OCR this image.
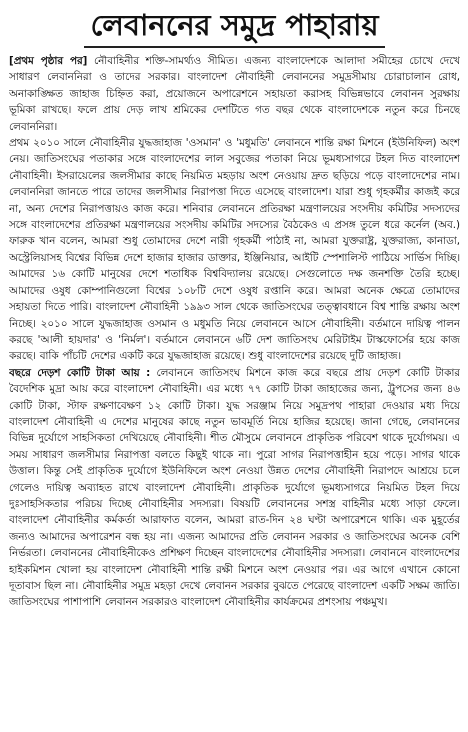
লেবাননের সমুদ্র পাহারায়

[প্রথম পৃষ্ঠার পর] নৌবাহিনীর শক্তি-সামর্থ্যও সীমিত। এজন্য বাংলাদেশকে আলাদা সমীহের চোখে দেখে সাধারণ লেবাননিরা ও তাদের সরকার। বাংলাদেশ নৌবাহিনী লেবাননের সমুদ্রসীমায় চোরাচালান রোধ, অনাকাঙ্ক্ষিত জাহাজ চিহ্নিত করা, প্রয়োজনে অপারেশনে সহায়তা করাসহ বিভিন্নভাবে লেবানন সুরক্ষায় ভূমিকা রাখছে। ফলে প্রায় দেড় লাখ শ্রমিকের দেশটিতে গত বছর থেকে বাংলাদেশকে নতুন করে চিনছে লেবাননিরা।

প্রথম ২০১০ সালে নৌবাহিনীর যুদ্ধজাহাজ 'ওসমান' ও 'মধুমতি' লেবাননে শান্তি রক্ষা মিশনে (ইউনিফিল) অংশ নেয়। জাতিসংঘের পতাকার সঙ্গে বাংলাদেশের লাল সবুজের পতাকা নিয়ে ভূমধ্যসাগরে টহল দিত বাংলাদেশ নৌবাহিনী। ইসরায়েলের জলসীমার কাছে নিয়মিত মহড়ায় অংশ নেওয়ায় দ্রুত ছড়িয়ে পড়ে বাংলাদেশের নাম। লেবাননিরা জানতে পারে তাদের জলসীমার নিরাপত্তা দিতে এসেছে বাংলাদেশ। যারা শুধু গৃহকর্মীর কাজই করে না, অন্য দেশের নিরাপত্তায়ও কাজ করে। শনিবার লেবাননে প্রতিরক্ষা মন্ত্রণালয়ের সংসদীয় কমিটির সদস্যদের সঙ্গে বাংলাদেশের প্রতিরক্ষা মন্ত্রণালয়ের সংসদীয় কমিটির সদস্যের বৈঠকেও এ প্রসঙ্গ তুলে ধরে কর্নেল (অব.) ফারুক খান বলেন, আমরা শুধু তোমাদের দেশে নারী গৃহকর্মী পাঠাই না, আমরা যুক্তরাষ্ট্র, যুক্তরাজ্য, কানাডা, অস্ট্রেলিয়াসহ বিশ্বের বিভিন্ন দেশে হাজার হাজার ডাক্তার, ইঞ্জিনিয়ার, আইটি স্পেশালিস্ট পাঠিয়ে সার্ভিস দিচ্ছি। আমাদের ১৬ কোটি মানুষের দেশে শতাধিক বিশ্ববিদ্যালয় রয়েছে। সেগুলোতে দক্ষ জনশক্তি তৈরি হচ্ছে। আমাদের ওষুধ কোম্পানিগুলো বিশ্বের ১০৮টি দেশে ওষুধ রপ্তানি করে। আমরা অনেক ক্ষেত্রে তোমাদের সহায়তা দিতে পারি। বাংলাদেশ নৌবাহিনী ১৯৯৩ সাল থেকে জাতিসংঘের তত্ত্বাবধানে বিশ্ব শান্তি রক্ষায় অংশ নিচ্ছে। ২০১০ সালে যুদ্ধজাহাজ ওসমান ও মধুমতি নিয়ে লেবাননে আসে নৌবাহিনী। বর্তমানে দায়িত্ব পালন করছে 'আলী হায়দার' ও 'নির্মল'। বর্তমানে লেবাননে ৬টি দেশ জাতিসংঘ মেরিটাইম টাস্কফোর্সের হয়ে কাজ করছে। বাকি পাঁচটি দেশের একটি করে যুদ্ধজাহাজ রয়েছে। শুধু বাংলাদেশের রয়েছে দুটি জাহাজ।

বছরে দেড়শ কোটি টাকা আয় : লেবাননে জাতিসংঘ মিশনে কাজ করে বছরে প্রায় দেড়শ কোটি টাকার বৈদেশিক মুদ্রা আয় করে বাংলাদেশ নৌবাহিনী। এর মধ্যে ৭৭ কোটি টাকা জাহাজের জন্য, ট্রুপসের জন্য ৪৬ কোটি টাকা, স্টাফ রক্ষণাবেক্ষণ ১২ কোটি টাকা। যুদ্ধ সরঞ্জাম নিয়ে সমুদ্রপথ পাহারা দেওয়ার মধ্য দিয়ে বাংলাদেশ নৌবাহিনী এ দেশের মানুষের কাছে নতুন ভাবমূর্তি নিয়ে হাজির হয়েছে। জানা গেছে, লেবাননের বিভিন্ন দুর্যোগে সাহসিকতা দেখিয়েছে নৌবাহিনী। শীত মৌসুমে লেবাননে প্রাকৃতিক পরিবেশ থাকে দুর্যোগময়। এ সময় সাধারণ জলসীমার নিরাপত্তা বলতে কিছুই থাকে না। পুরো সাগর নিরাপত্তাহীন হয়ে পড়ে। সাগর থাকে উত্তাল। কিন্তু সেই প্রাকৃতিক দুর্যোগে ইউনিফিলে অংশ নেওয়া উন্নত দেশের নৌবাহিনী নিরাপদে আশ্রয়ে চলে গেলেও দায়িত্ব অব্যাহত রাখে বাংলাদেশ নৌবাহিনী। প্রাকৃতিক দুর্যোগে ভূমধ্যসাগরে নিয়মিত টহল দিয়ে দুঃসাহসিকতার পরিচয় দিচ্ছে নৌবাহিনীর সদস্যরা। বিষয়টি লেবাননের সশস্ত্র বাহিনীর মধ্যে সাড়া ফেলে। বাংলাদেশ নৌবাহিনীর কর্মকর্তা আরাফাত বলেন, আমরা রাত-দিন ২৪ ঘণ্টা অপারেশনে থাকি। এক মুহূর্তের জন্যও আমাদের অপারেশন বন্ধ হয় না। এজন্য আমাদের প্রতি লেবানন সরকার ও জাতিসংঘের অনেক বেশি নির্ভরতা। লেবাননের নৌবাহিনীকেও প্রশিক্ষণ দিচ্ছেন বাংলাদেশের নৌবাহিনীর সদস্যরা। লেবাননে বাংলাদেশের হাইকমিশন খোলা হয় বাংলাদেশ নৌবাহিনী শান্তি রক্ষী মিশনে অংশ নেওয়ার পর। এর আগে এখানে কোনো দূতাবাস ছিল না। নৌবাহিনীর সমুদ্র মহড়া দেখে লেবানন সরকার বুঝতে পেরেছে বাংলাদেশ একটি সক্ষম জাতি। জাতিসংঘের পাশাপাশি লেবানন সরকারও বাংলাদেশ নৌবাহিনীর কার্যক্রমের প্রশংসায় পঞ্চমুখ।
